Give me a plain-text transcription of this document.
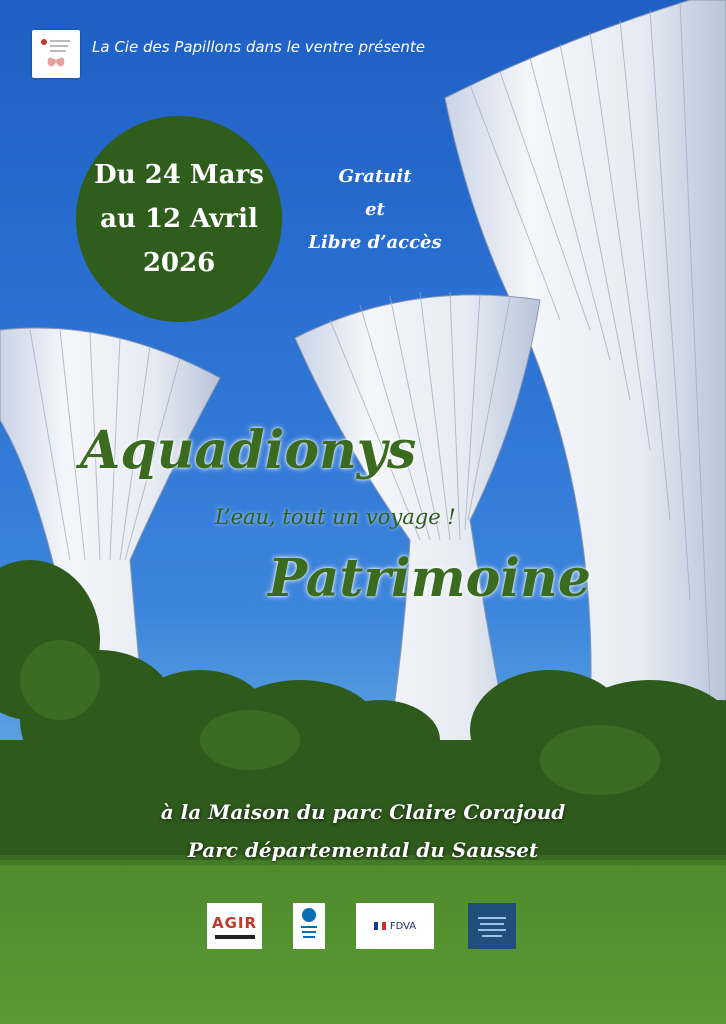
La Cie des Papillons dans le ventre présente
Du 24 Mars
au 12 Avril
2026
Gratuit
et
Libre d’accès
Aquadionys
L’eau, tout un voyage !
Patrimoine
à la Maison du parc Claire Corajoud
Parc départemental du Sausset
AGIR	FDVA
